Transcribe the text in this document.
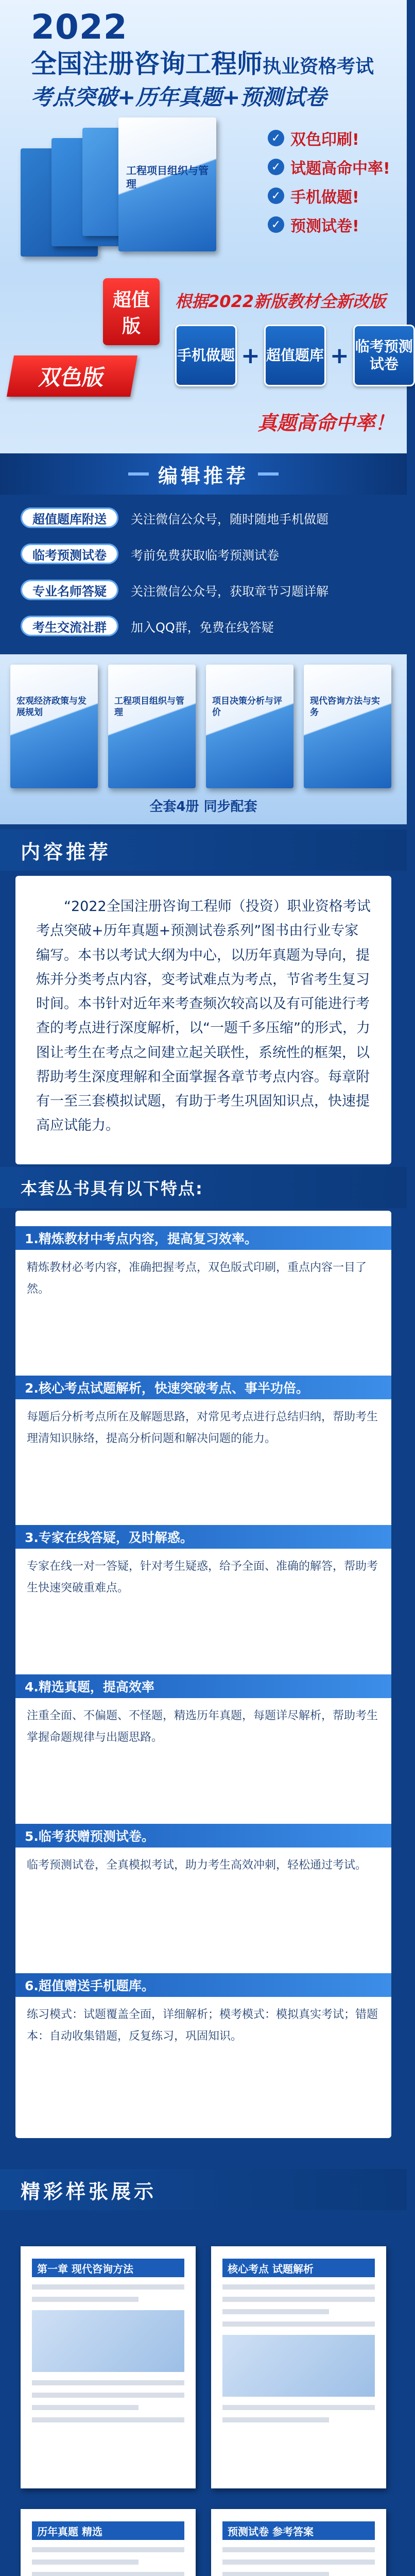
2022
全国注册咨询工程师执业资格考试
考点突破+历年真题+预测试卷
工程项目组织与管理
✓ 双色印刷!
✓ 试题高命中率!
✓ 手机做题!
✓ 预测试卷!
超值
版
根据2022新版教材全新改版
手机做题 + 超值题库 + 临考预测试卷
双色版
真题高命中率！
编辑推荐
超值题库附送	关注微信公众号，随时随地手机做题
临考预测试卷	考前免费获取临考预测试卷
专业名师答疑	关注微信公众号，获取章节习题详解
考生交流社群	加入QQ群，免费在线答疑
宏观经济政策与发展规划
工程项目组织与管理
项目决策分析与评价
现代咨询方法与实务
全套4册 同步配套
内容推荐
“2022全国注册咨询工程师（投资）职业资格考试考点突破+历年真题+预测试卷系列”图书由行业专家编写。本书以考试大纲为中心，以历年真题为导向，提炼并分类考点内容，变考试难点为考点，节省考生复习时间。本书针对近年来考查频次较高以及有可能进行考查的考点进行深度解析，以“一题千多压缩”的形式，力图让考生在考点之间建立起关联性，系统性的框架，以帮助考生深度理解和全面掌握各章节考点内容。每章附有一至三套模拟试题，有助于考生巩固知识点，快速提高应试能力。
本套丛书具有以下特点:
1.精炼教材中考点内容，提高复习效率。
精炼教材必考内容，准确把握考点，双色版式印刷，重点内容一目了然。
2.核心考点试题解析，快速突破考点、事半功倍。
每题后分析考点所在及解题思路，对常见考点进行总结归纳，帮助考生理清知识脉络，提高分析问题和解决问题的能力。
3.专家在线答疑，及时解惑。
专家在线一对一答疑，针对考生疑惑，给予全面、准确的解答，帮助考生快速突破重难点。
4.精选真题，提高效率
注重全面、不偏题、不怪题，精选历年真题，每题详尽解析，帮助考生掌握命题规律与出题思路。
5.临考获赠预测试卷。
临考预测试卷，全真模拟考试，助力考生高效冲刺，轻松通过考试。
6.超值赠送手机题库。
练习模式：试题覆盖全面，详细解析；模考模式：模拟真实考试；错题本：自动收集错题，反复练习，巩固知识。
精彩样张展示
第一章 现代咨询方法	核心考点 试题解析
历年真题 精选	预测试卷 参考答案
